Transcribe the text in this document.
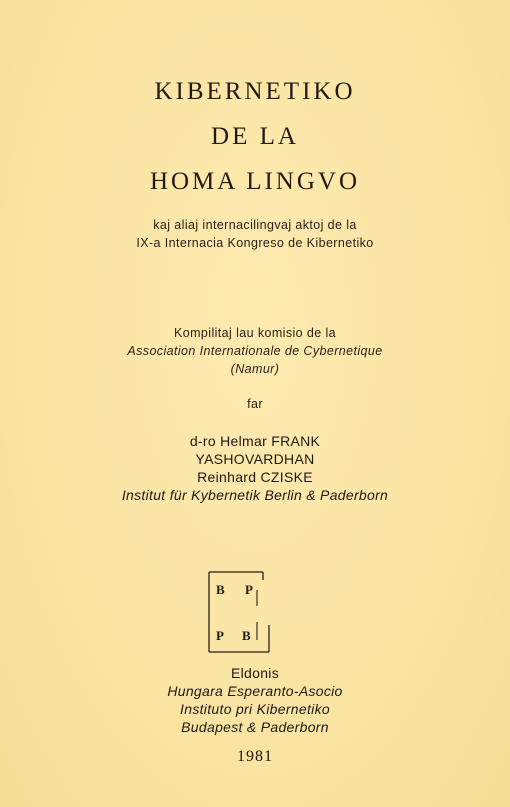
KIBERNETIKO
DE LA
HOMA LINGVO
kaj aliaj internacilingvaj aktoj de la
IX-a Internacia Kongreso de Kibernetiko
Kompilitaj lau komisio de la
Association Internationale de Cybernetique
(Namur)
far
d-ro Helmar FRANK
YASHOVARDHAN
Reinhard CZISKE
Institut für Kybernetik Berlin & Paderborn
B P
P B
Eldonis
Hungara Esperanto-Asocio
Instituto pri Kibernetiko
Budapest & Paderborn
1981
